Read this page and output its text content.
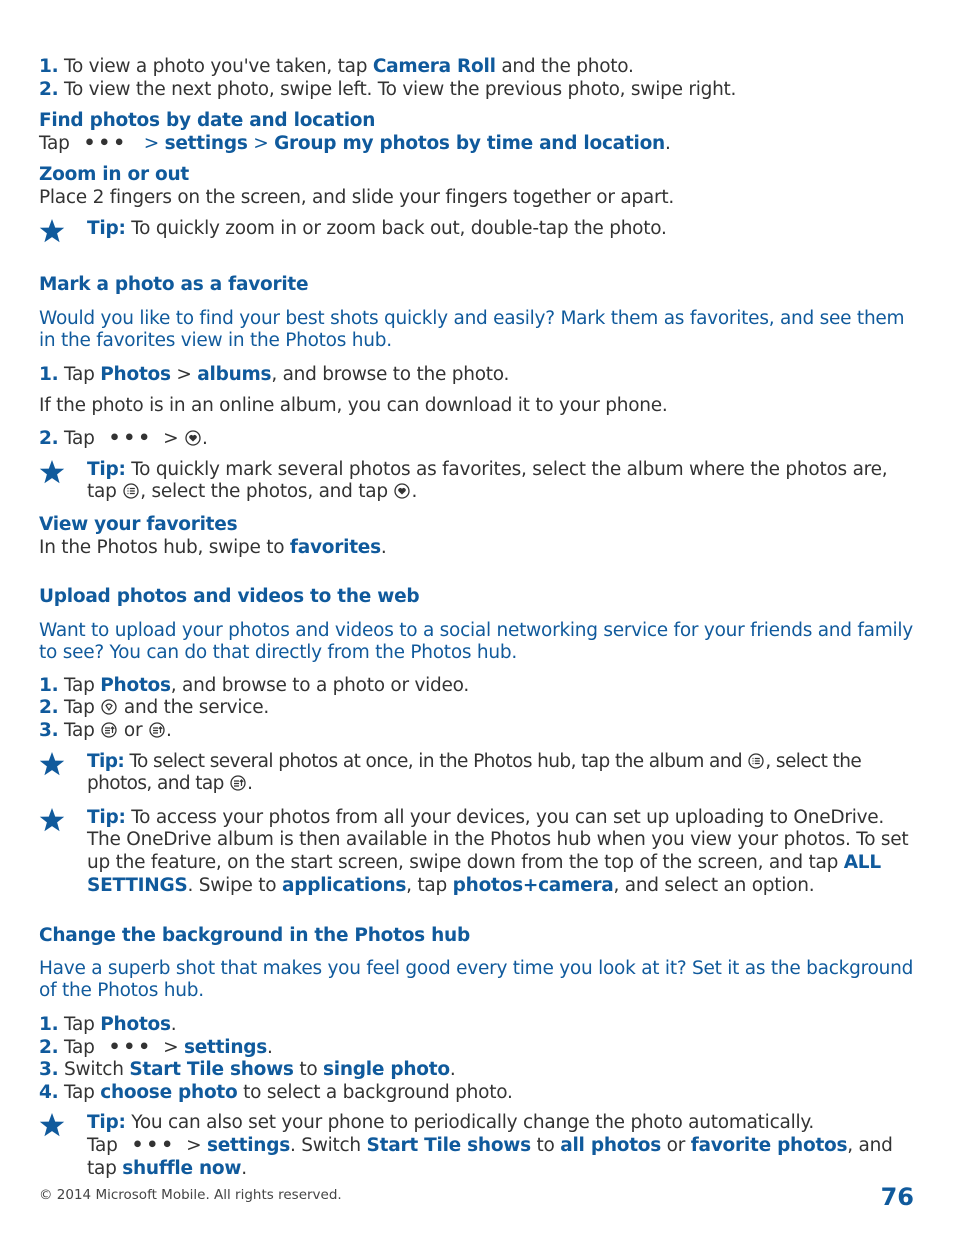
1. To view a photo you've taken, tap Camera Roll and the photo.

2. To view the next photo, swipe left. To view the previous photo, swipe right.

Find photos by date and location

Tap ••• > settings > Group my photos by time and location.

Zoom in or out

Place 2 fingers on the screen, and slide your fingers together or apart.

Tip: To quickly zoom in or zoom back out, double-tap the photo.

Mark a photo as a favorite

Would you like to find your best shots quickly and easily? Mark them as favorites, and see them in the favorites view in the Photos hub.

1. Tap Photos > albums, and browse to the photo.

If the photo is in an online album, you can download it to your phone.

2. Tap ••• > .

Tip: To quickly mark several photos as favorites, select the album where the photos are, tap , select the photos, and tap .

View your favorites

In the Photos hub, swipe to favorites.

Upload photos and videos to the web

Want to upload your photos and videos to a social networking service for your friends and family to see? You can do that directly from the Photos hub.

1. Tap Photos, and browse to a photo or video.

2. Tap  and the service.

3. Tap  or .

Tip: To select several photos at once, in the Photos hub, tap the album and , select the photos, and tap .

Tip: To access your photos from all your devices, you can set up uploading to OneDrive. The OneDrive album is then available in the Photos hub when you view your photos. To set up the feature, on the start screen, swipe down from the top of the screen, and tap ALL SETTINGS. Swipe to applications, tap photos+camera, and select an option.

Change the background in the Photos hub

Have a superb shot that makes you feel good every time you look at it? Set it as the background of the Photos hub.

1. Tap Photos.

2. Tap ••• > settings.

3. Switch Start Tile shows to single photo.

4. Tap choose photo to select a background photo.

Tip: You can also set your phone to periodically change the photo automatically. Tap ••• > settings. Switch Start Tile shows to all photos or favorite photos, and tap shuffle now.

© 2014 Microsoft Mobile. All rights reserved.	76
